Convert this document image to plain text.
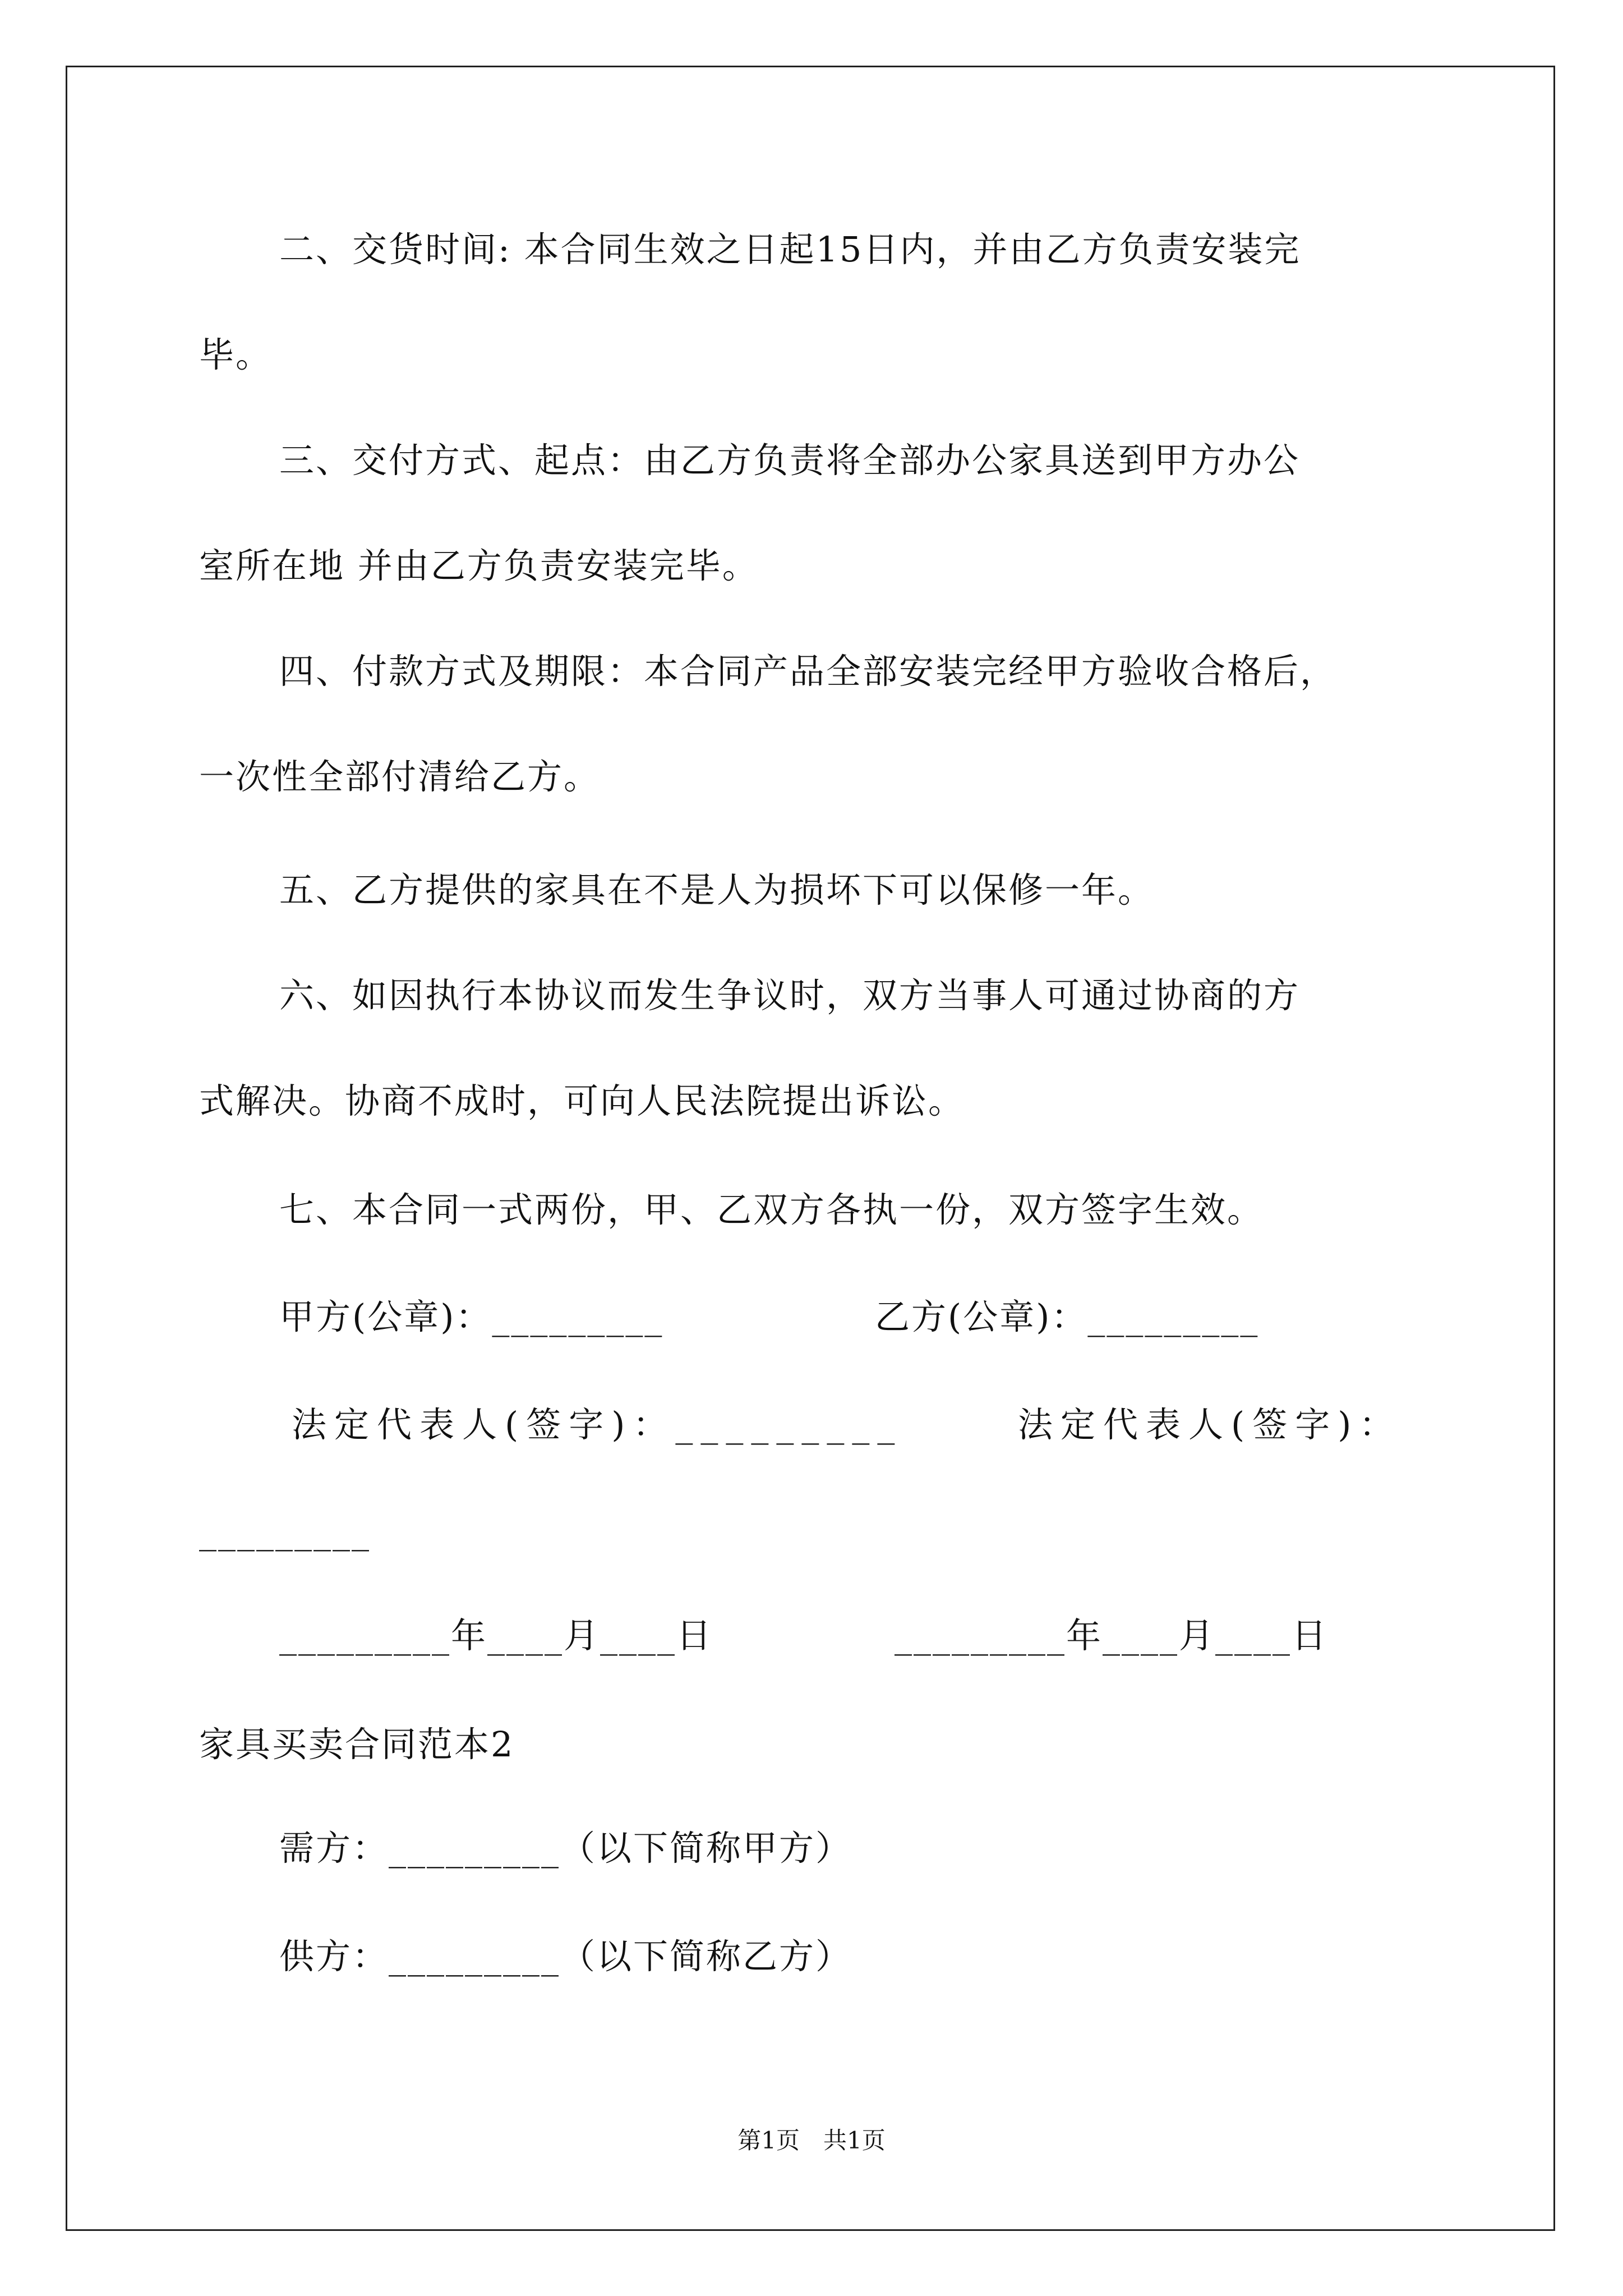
二、交货时间: 本合同生效之日起15日内，并由乙方负责安装完
毕。
三、交付方式、起点：由乙方负责将全部办公家具送到甲方办公
室所在地 并由乙方负责安装完毕。
四、付款方式及期限：本合同产品全部安装完经甲方验收合格后，
一次性全部付清给乙方。
五、乙方提供的家具在不是人为损坏下可以保修一年。
六、如因执行本协议而发生争议时，双方当事人可通过协商的方
式解决。协商不成时，可向人民法院提出诉讼。
七、本合同一式两份，甲、乙双方各执一份，双方签字生效。
甲方(公章)：_________	乙方(公章)：_________
法定代表人(签字)：_________	法定代表人(签字)：
_________
_________年____月____日	_________年____月____日
家具买卖合同范本2
需方：_________（以下简称甲方）
供方：_________（以下简称乙方）
第1页　共1页
